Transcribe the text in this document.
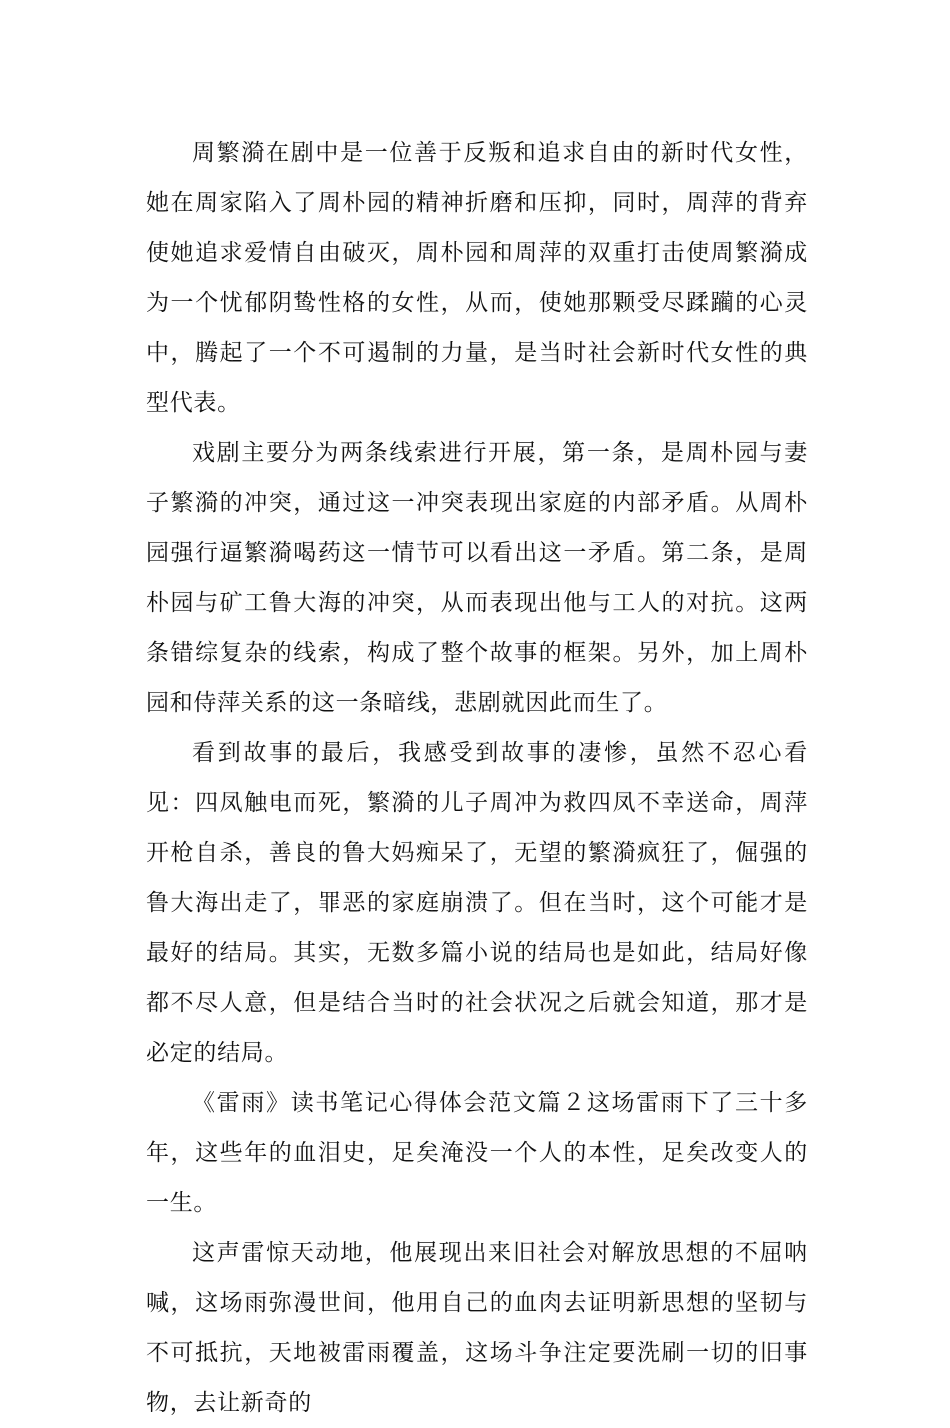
周繁漪在剧中是一位善于反叛和追求自由的新时代女性，她在周家陷入了周朴园的精神折磨和压抑，同时，周萍的背弃使她追求爱情自由破灭，周朴园和周萍的双重打击使周繁漪成为一个忧郁阴鸷性格的女性，从而，使她那颗受尽蹂躏的心灵中，腾起了一个不可遏制的力量，是当时社会新时代女性的典型代表。

戏剧主要分为两条线索进行开展，第一条，是周朴园与妻子繁漪的冲突，通过这一冲突表现出家庭的内部矛盾。从周朴园强行逼繁漪喝药这一情节可以看出这一矛盾。第二条，是周朴园与矿工鲁大海的冲突，从而表现出他与工人的对抗。这两条错综复杂的线索，构成了整个故事的框架。另外，加上周朴园和侍萍关系的这一条暗线，悲剧就因此而生了。

看到故事的最后，我感受到故事的凄惨，虽然不忍心看见：四凤触电而死，繁漪的儿子周冲为救四凤不幸送命，周萍开枪自杀，善良的鲁大妈痴呆了，无望的繁漪疯狂了，倔强的鲁大海出走了，罪恶的家庭崩溃了。但在当时，这个可能才是最好的结局。其实，无数多篇小说的结局也是如此，结局好像都不尽人意，但是结合当时的社会状况之后就会知道，那才是必定的结局。

《雷雨》读书笔记心得体会范文篇２这场雷雨下了三十多年，这些年的血泪史，足矣淹没一个人的本性，足矣改变人的一生。

这声雷惊天动地，他展现出来旧社会对解放思想的不屈呐喊，这场雨弥漫世间，他用自己的血肉去证明新思想的坚韧与不可抵抗，天地被雷雨覆盖，这场斗争注定要洗刷一切的旧事物，去让新奇的
